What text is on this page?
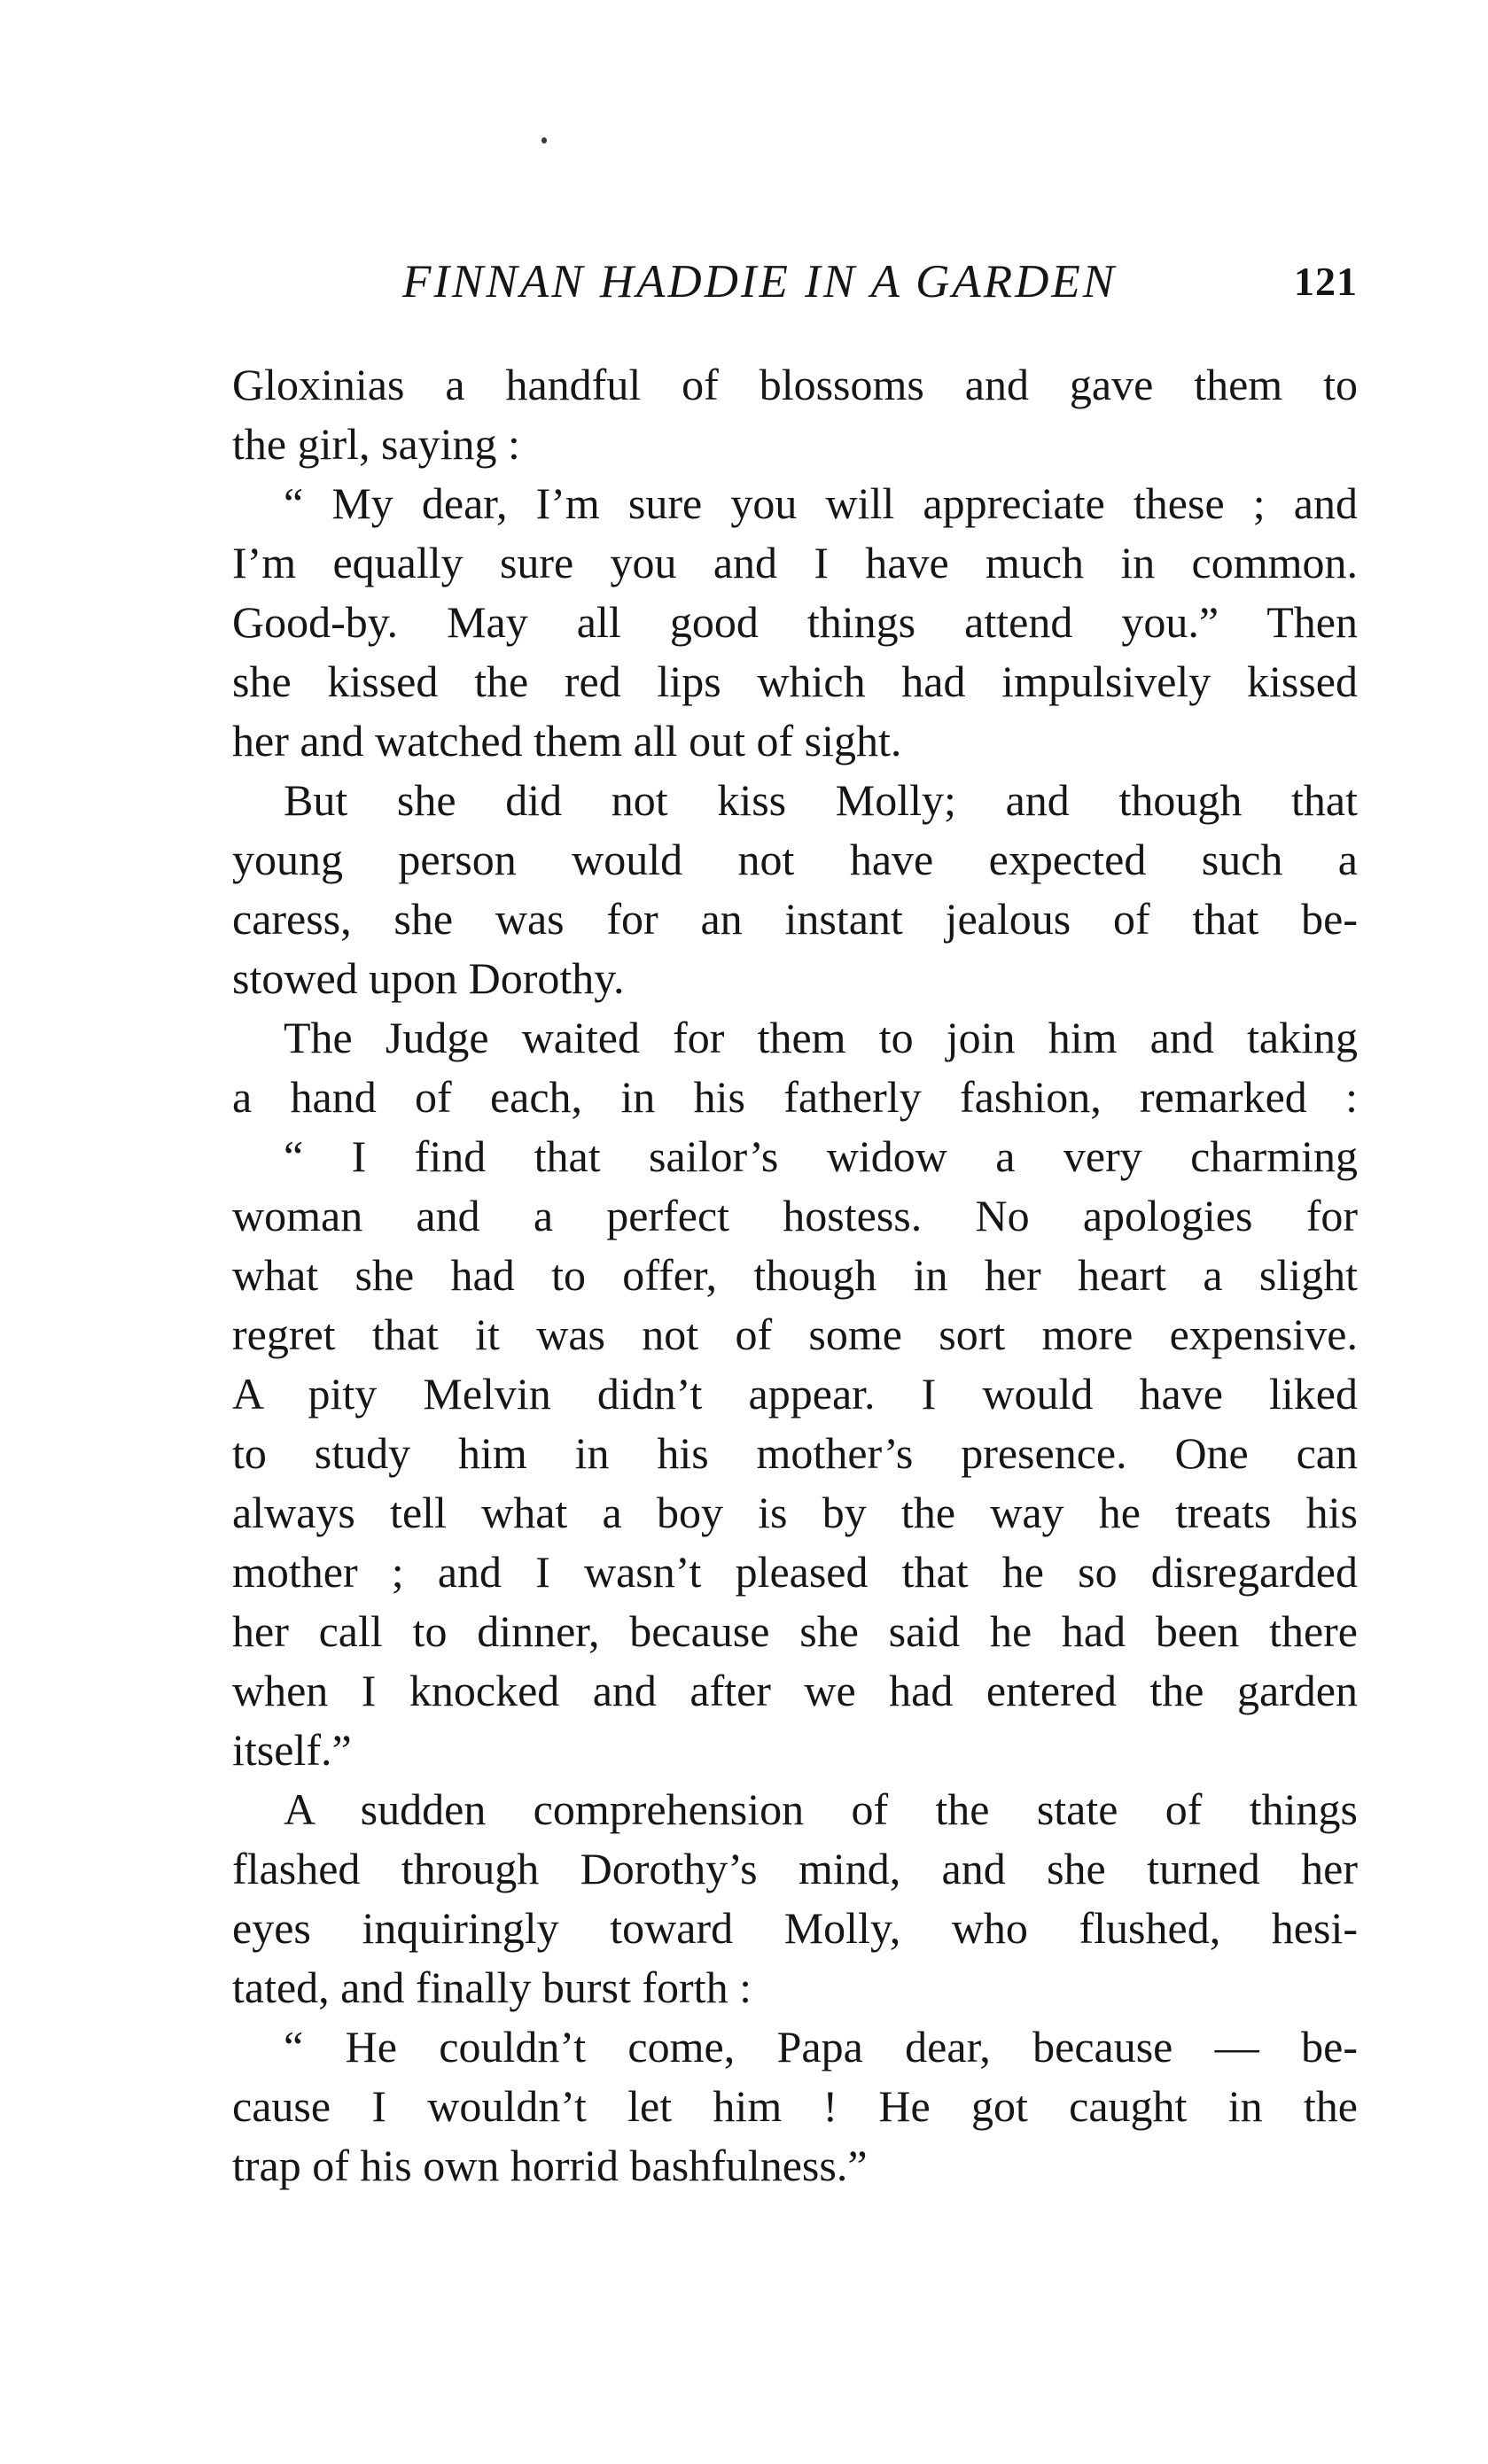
FINNAN HADDIE IN A GARDEN	121
Gloxinias a handful of blossoms and gave them to
the girl, saying :
“ My dear, I’m sure you will appreciate these ; and
I’m equally sure you and I have much in common.
Good-by. May all good things attend you.” Then
she kissed the red lips which had impulsively kissed
her and watched them all out of sight.
But she did not kiss Molly; and though that
young person would not have expected such a
caress, she was for an instant jealous of that be-
stowed upon Dorothy.
The Judge waited for them to join him and taking
a hand of each, in his fatherly fashion, remarked :
“ I find that sailor’s widow a very charming
woman and a perfect hostess. No apologies for
what she had to offer, though in her heart a slight
regret that it was not of some sort more expensive.
A pity Melvin didn’t appear. I would have liked
to study him in his mother’s presence. One can
always tell what a boy is by the way he treats his
mother ; and I wasn’t pleased that he so disregarded
her call to dinner, because she said he had been there
when I knocked and after we had entered the garden
itself.”
A sudden comprehension of the state of things
flashed through Dorothy’s mind, and she turned her
eyes inquiringly toward Molly, who flushed, hesi-
tated, and finally burst forth :
“ He couldn’t come, Papa dear, because — be-
cause I wouldn’t let him ! He got caught in the
trap of his own horrid bashfulness.”
